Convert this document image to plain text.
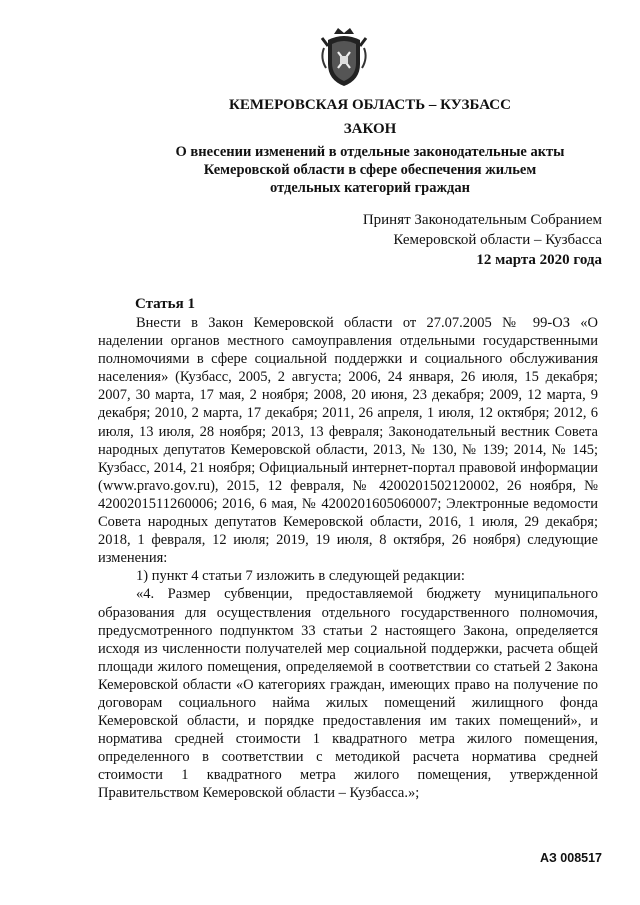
КЕМЕРОВСКАЯ ОБЛАСТЬ – КУЗБАСС
ЗАКОН
О внесении изменений в отдельные законодательные акты
Кемеровской области в сфере обеспечения жильем
отдельных категорий граждан
Принят Законодательным Собранием
Кемеровской области – Кузбасса
12 марта 2020 года
Статья 1

Внести в Закон Кемеровской области от 27.07.2005 № 99-ОЗ «О наделении органов местного самоуправления отдельными государственными полномочиями в сфере социальной поддержки и социального обслуживания населения» (Кузбасс, 2005, 2 августа; 2006, 24 января, 26 июля, 15 декабря; 2007, 30 марта, 17 мая, 2 ноября; 2008, 20 июня, 23 декабря; 2009, 12 марта, 9 декабря; 2010, 2 марта, 17 декабря; 2011, 26 апреля, 1 июля, 12 октября; 2012, 6 июля, 13 июля, 28 ноября; 2013, 13 февраля; Законодательный вестник Совета народных депутатов Кемеровской области, 2013, № 130, № 139; 2014, № 145; Кузбасс, 2014, 21 ноября; Официальный интернет-портал правовой информации (www.pravo.gov.ru), 2015, 12 февраля, № 4200201502120002, 26 ноября, № 4200201511260006; 2016, 6 мая, № 4200201605060007; Электронные ведомости Совета народных депутатов Кемеровской области, 2016, 1 июля, 29 декабря; 2018, 1 февраля, 12 июля; 2019, 19 июля, 8 октября, 26 ноября) следующие изменения:

1) пункт 4 статьи 7 изложить в следующей редакции:

«4. Размер субвенции, предоставляемой бюджету муниципального образования для осуществления отдельного государственного полномочия, предусмотренного подпунктом 33 статьи 2 настоящего Закона, определяется исходя из численности получателей мер социальной поддержки, расчета общей площади жилого помещения, определяемой в соответствии со статьей 2 Закона Кемеровской области «О категориях граждан, имеющих право на получение по договорам социального найма жилых помещений жилищного фонда Кемеровской области, и порядке предоставления им таких помещений», и норматива средней стоимости 1 квадратного метра жилого помещения, определенного в соответствии с методикой расчета норматива средней стоимости 1 квадратного метра жилого помещения, утвержденной Правительством Кемеровской области – Кузбасса.»;

АЗ 008517
